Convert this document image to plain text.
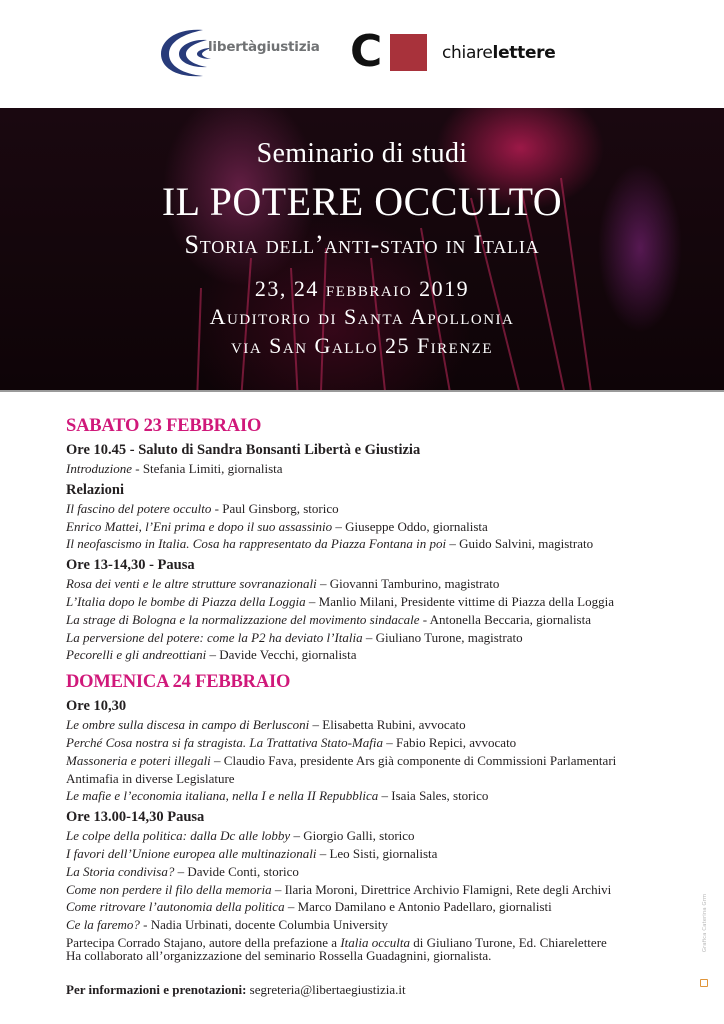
libertàgiustizia C	chiarelettere
Seminario di studi
IL POTERE OCCULTO
Storia dell’anti-stato in Italia
23, 24 febbraio 2019
Auditorio di Santa Apollonia
via San Gallo 25 Firenze
SABATO 23 FEBBRAIO
Ore 10.45 - Saluto di Sandra Bonsanti Libertà e Giustizia
Introduzione - Stefania Limiti, giornalista
Relazioni
Il fascino del potere occulto - Paul Ginsborg, storico
Enrico Mattei, l’Eni prima e dopo il suo assassinio – Giuseppe Oddo, giornalista
Il neofascismo in Italia. Cosa ha rappresentato da Piazza Fontana in poi – Guido Salvini, magistrato
Ore 13-14,30 - Pausa
Rosa dei venti e le altre strutture sovranazionali – Giovanni Tamburino, magistrato
L’Italia dopo le bombe di Piazza della Loggia – Manlio Milani, Presidente vittime di Piazza della Loggia
La strage di Bologna e la normalizzazione del movimento sindacale - Antonella Beccaria, giornalista
La perversione del potere: come la P2 ha deviato l’Italia – Giuliano Turone, magistrato
Pecorelli e gli andreottiani – Davide Vecchi, giornalista
DOMENICA 24 FEBBRAIO
Ore 10,30
Le ombre sulla discesa in campo di Berlusconi – Elisabetta Rubini, avvocato
Perché Cosa nostra si fa stragista. La Trattativa Stato-Mafia – Fabio Repici, avvocato
Massoneria e poteri illegali – Claudio Fava, presidente Ars già componente di Commissioni Parlamentari
Antimafia in diverse Legislature
Le mafie e l’economia italiana, nella I e nella II Repubblica – Isaia Sales, storico
Ore 13.00-14,30 Pausa
Le colpe della politica: dalla Dc alle lobby – Giorgio Galli, storico
I favori dell’Unione europea alle multinazionali – Leo Sisti, giornalista
La Storia condivisa? – Davide Conti, storico
Come non perdere il filo della memoria – Ilaria Moroni, Direttrice Archivio Flamigni, Rete degli Archivi
Come ritrovare l’autonomia della politica – Marco Damilano e Antonio Padellaro, giornalisti
Ce la faremo? - Nadia Urbinati, docente Columbia University
Partecipa Corrado Stajano, autore della prefazione a Italia occulta di Giuliano Turone, Ed. Chiarelettere
Ha collaborato all’organizzazione del seminario Rossella Guadagnini, giornalista.
Per informazioni e prenotazioni: segreteria@libertaegiustizia.it
Grafica Caterina Grm
